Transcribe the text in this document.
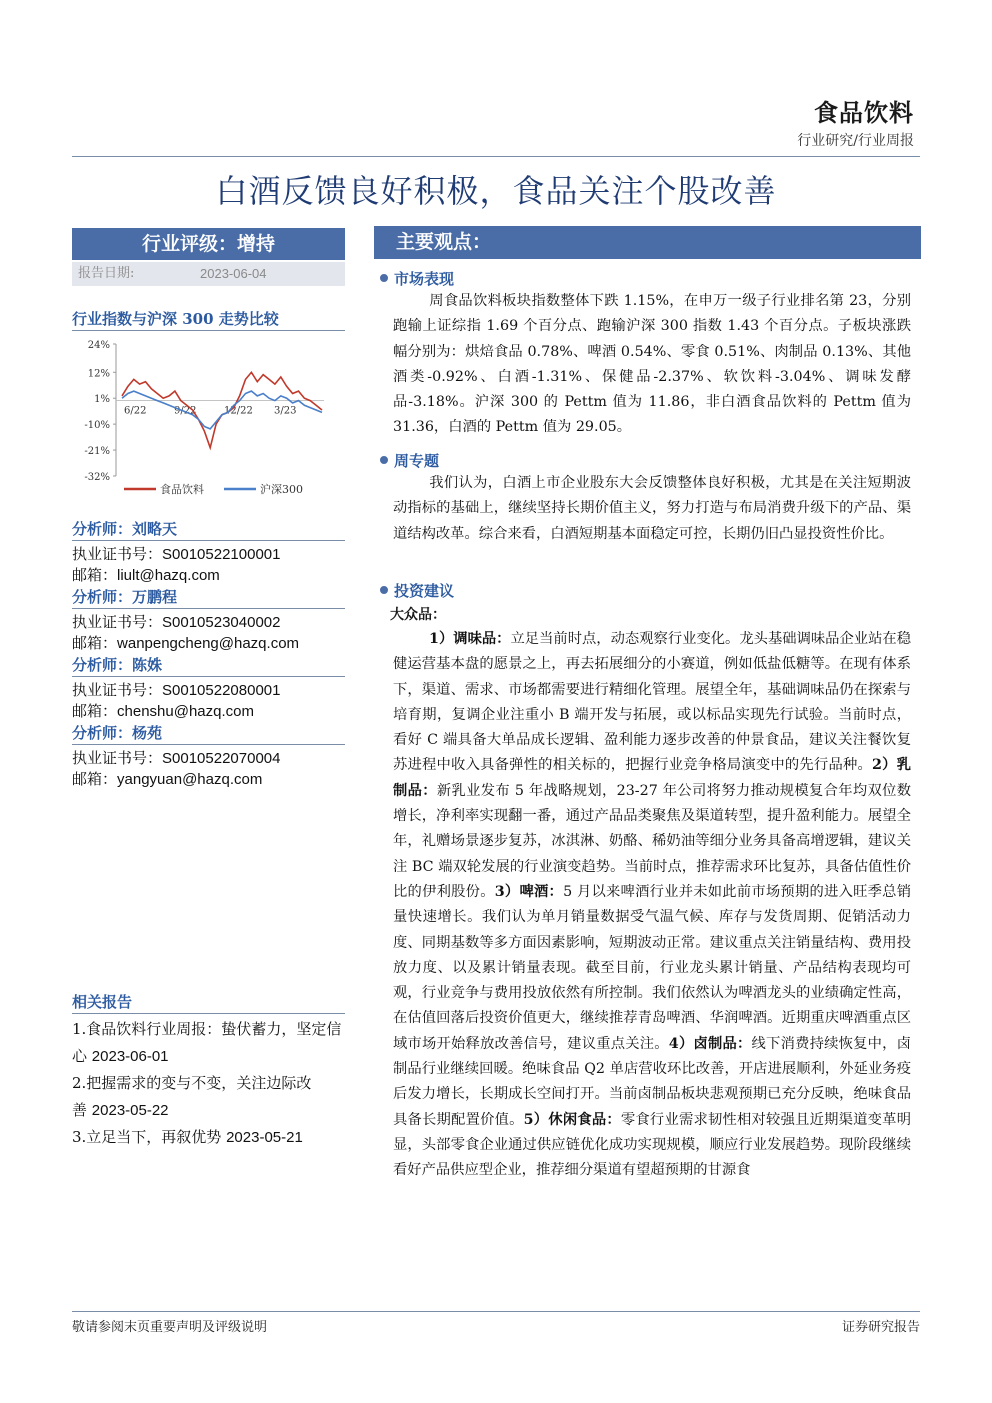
食品饮料
行业研究/行业周报
白酒反馈良好积极，食品关注个股改善
行业评级：增持
报告日期:	2023-06-04
行业指数与沪深 300 走势比较
24%
12%
1%
-10%
-21%
-32%
6/22	9/22	12/22 3/23
食品饮料	沪深300
分析师：刘略天
执业证书号：S0010522100001
邮箱：liult@hazq.com
分析师：万鹏程
执业证书号：S0010523040002
邮箱：wanpengcheng@hazq.com
分析师：陈姝
执业证书号：S0010522080001
邮箱：chenshu@hazq.com
分析师：杨苑
执业证书号：S0010522070004
邮箱：yangyuan@hazq.com
相关报告
1.食品饮料行业周报：蛰伏蓄力，坚定信心 2023-06-01
2.把握需求的变与不变，关注边际改善 2023-05-22
3.立足当下，再叙优势 2023-05-21
主要观点：
市场表现
周食品饮料板块指数整体下跌 1.15%，在申万一级子行业排名第 23，分别跑输上证综指 1.69 个百分点、跑输沪深 300 指数 1.43 个百分点。子板块涨跌幅分别为：烘焙食品 0.78%、啤酒 0.54%、零食 0.51%、肉制品 0.13%、其他酒类-0.92%、白酒-1.31%、保健品-2.37%、软饮料-3.04%、调味发酵品-3.18%。沪深 300 的 Pettm 值为 11.86，非白酒食品饮料的 Pettm 值为 31.36，白酒的 Pettm 值为 29.05。
周专题
我们认为，白酒上市企业股东大会反馈整体良好积极，尤其是在关注短期波动指标的基础上，继续坚持长期价值主义，努力打造与布局消费升级下的产品、渠道结构改革。综合来看，白酒短期基本面稳定可控，长期仍旧凸显投资性价比。
投资建议
大众品：
1）调味品：立足当前时点，动态观察行业变化。龙头基础调味品企业站在稳健运营基本盘的愿景之上，再去拓展细分的小赛道，例如低盐低糖等。在现有体系下，渠道、需求、市场都需要进行精细化管理。展望全年，基础调味品仍在探索与培育期，复调企业注重小 B 端开发与拓展，或以标品实现先行试验。当前时点，看好 C 端具备大单品成长逻辑、盈利能力逐步改善的仲景食品，建议关注餐饮复苏进程中收入具备弹性的相关标的，把握行业竞争格局演变中的先行品种。2）乳制品：新乳业发布 5 年战略规划，23-27 年公司将努力推动规模复合年均双位数增长，净利率实现翻一番，通过产品品类聚焦及渠道转型，提升盈利能力。展望全年，礼赠场景逐步复苏，冰淇淋、奶酪、稀奶油等细分业务具备高增逻辑，建议关注 BC 端双轮发展的行业演变趋势。当前时点，推荐需求环比复苏，具备估值性价比的伊利股份。3）啤酒：5 月以来啤酒行业并未如此前市场预期的进入旺季总销量快速增长。我们认为单月销量数据受气温气候、库存与发货周期、促销活动力度、同期基数等多方面因素影响，短期波动正常。建议重点关注销量结构、费用投放力度、以及累计销量表现。截至目前，行业龙头累计销量、产品结构表现均可观，行业竞争与费用投放依然有所控制。我们依然认为啤酒龙头的业绩确定性高，在估值回落后投资价值更大，继续推荐青岛啤酒、华润啤酒。近期重庆啤酒重点区域市场开始释放改善信号，建议重点关注。4）卤制品：线下消费持续恢复中，卤制品行业继续回暖。绝味食品 Q2 单店营收环比改善，开店进展顺利，外延业务疫后发力增长，长期成长空间打开。当前卤制品板块悲观预期已充分反映，绝味食品具备长期配置价值。5）休闲食品：零食行业需求韧性相对较强且近期渠道变革明显，头部零食企业通过供应链优化成功实现规模，顺应行业发展趋势。现阶段继续看好产品供应型企业，推荐细分渠道有望超预期的甘源食
敬请参阅末页重要声明及评级说明	证券研究报告
